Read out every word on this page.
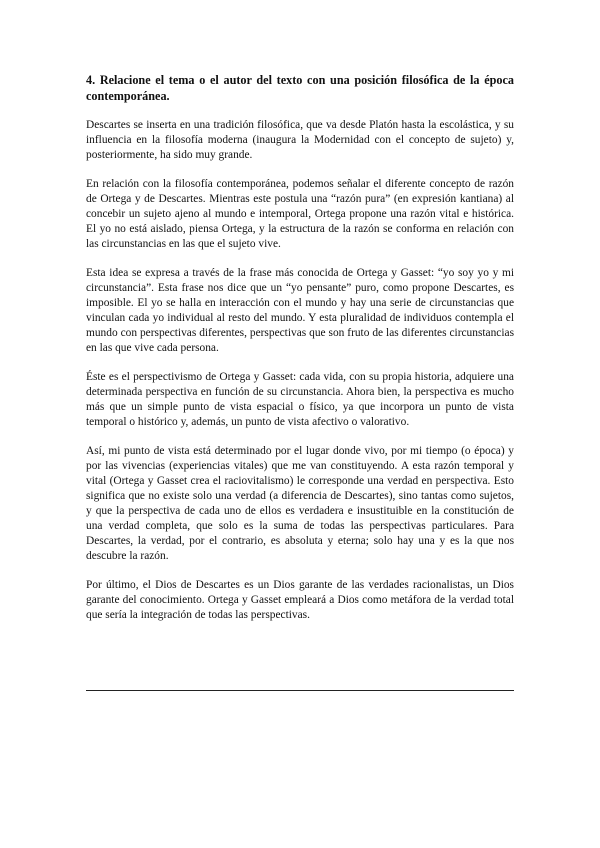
4. Relacione el tema o el autor del texto con una posición filosófica de la época contemporánea.

Descartes se inserta en una tradición filosófica, que va desde Platón hasta la escolástica, y su influencia en la filosofía moderna (inaugura la Modernidad con el concepto de sujeto) y, posteriormente, ha sido muy grande.

En relación con la filosofía contemporánea, podemos señalar el diferente concepto de razón de Ortega y de Descartes. Mientras este postula una “razón pura” (en expresión kantiana) al concebir un sujeto ajeno al mundo e intemporal, Ortega propone una razón vital e histórica. El yo no está aislado, piensa Ortega, y la estructura de la razón se conforma en relación con las circunstancias en las que el sujeto vive.

Esta idea se expresa a través de la frase más conocida de Ortega y Gasset: “yo soy yo y mi circunstancia”. Esta frase nos dice que un “yo pensante” puro, como propone Descartes, es imposible. El yo se halla en interacción con el mundo y hay una serie de circunstancias que vinculan cada yo individual al resto del mundo. Y esta pluralidad de individuos contempla el mundo con perspectivas diferentes, perspectivas que son fruto de las diferentes circunstancias en las que vive cada persona.

Éste es el perspectivismo de Ortega y Gasset: cada vida, con su propia historia, adquiere una determinada perspectiva en función de su circunstancia. Ahora bien, la perspectiva es mucho más que un simple punto de vista espacial o físico, ya que incorpora un punto de vista temporal o histórico y, además, un punto de vista afectivo o valorativo.

Así, mi punto de vista está determinado por el lugar donde vivo, por mi tiempo (o época) y por las vivencias (experiencias vitales) que me van constituyendo. A esta razón temporal y vital (Ortega y Gasset crea el raciovitalismo) le corresponde una verdad en perspectiva. Esto significa que no existe solo una verdad (a diferencia de Descartes), sino tantas como sujetos, y que la perspectiva de cada uno de ellos es verdadera e insustituible en la constitución de una verdad completa, que solo es la suma de todas las perspectivas particulares. Para Descartes, la verdad, por el contrario, es absoluta y eterna; solo hay una y es la que nos descubre la razón.

Por último, el Dios de Descartes es un Dios garante de las verdades racionalistas, un Dios garante del conocimiento. Ortega y Gasset empleará a Dios como metáfora de la verdad total que sería la integración de todas las perspectivas.
